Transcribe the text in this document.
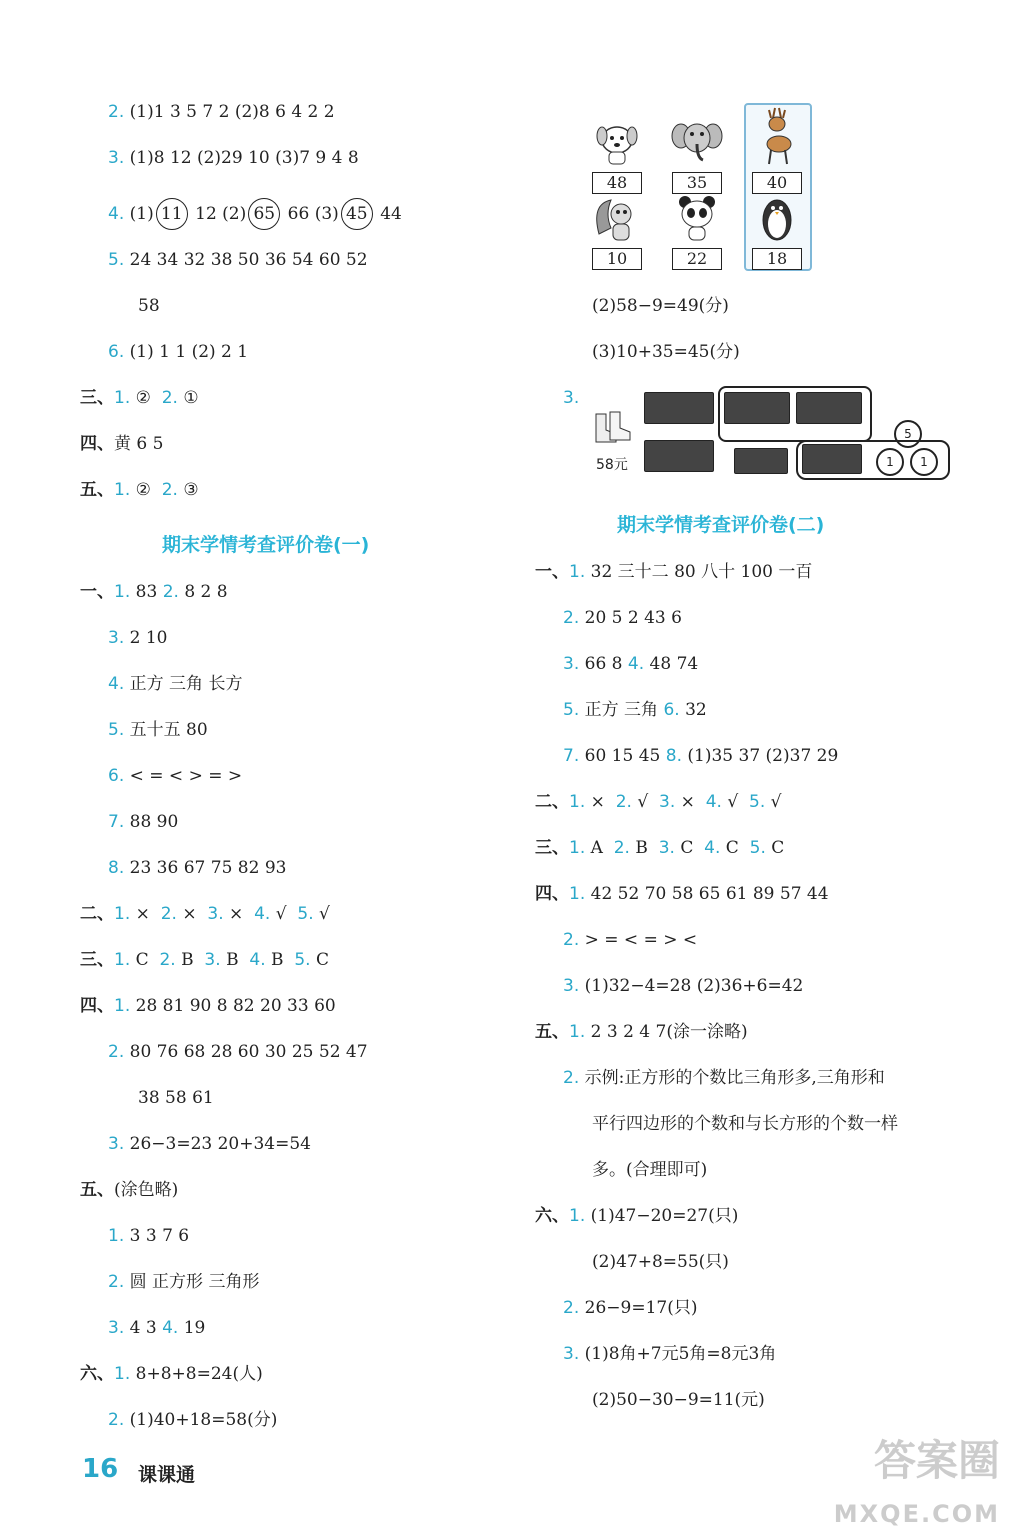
2. (1)1 3 5 7 2 (2)8 6 4 2 2
3. (1)8 12 (2)29 10 (3)7 9 4 8
4. (1) 11 12 (2) 65 66 (3) 45 44
5. 24 34 32 38 50 36 54 60 52
58
6. (1) 1 1 (2) 2 1
三、1. ② 2. ①
四、黄 6 5
五、1. ② 2. ③
期末学情考查评价卷(一)
一、1. 83 2. 8 2 8
3. 2 10
4. 正方 三角 长方
5. 五十五 80
6. < = < > = >
7. 88 90
8. 23 36 67 75 82 93
二、1. × 2. × 3. × 4. √ 5. √
三、1. C 2. B 3. B 4. B 5. C
四、1. 28 81 90 8 82 20 33 60
2. 80 76 68 28 60 30 25 52 47
38 58 61
3. 26−3=23 20+34=54
五、(涂色略)
1. 3 3 7 6
2. 圆 正方形 三角形
3. 4 3 4. 19
六、1. 8+8+8=24(人)
2. (1)40+18=58(分)
48	35	40
10	22	18
(2)58−9=49(分)
(3)10+35=45(分)
3.
58元
5
1	1
期末学情考查评价卷(二)
一、1. 32 三十二 80 八十 100 一百
2. 20 5 2 43 6
3. 66 8 4. 48 74
5. 正方 三角 6. 32
7. 60 15 45 8. (1)35 37 (2)37 29
二、1. × 2. √ 3. × 4. √ 5. √
三、1. A 2. B 3. C 4. C 5. C
四、1. 42 52 70 58 65 61 89 57 44
2. > = < = > <
3. (1)32−4=28 (2)36+6=42
五、1. 2 3 2 4 7(涂一涂略)
2. 示例:正方形的个数比三角形多,三角形和
平行四边形的个数和与长方形的个数一样
多。(合理即可)
六、1. (1)47−20=27(只)
(2)47+8=55(只)
2. 26−9=17(只)
3. (1)8角+7元5角=8元3角
(2)50−30−9=11(元)
16 课课通	答案圈
MXQE.COM
